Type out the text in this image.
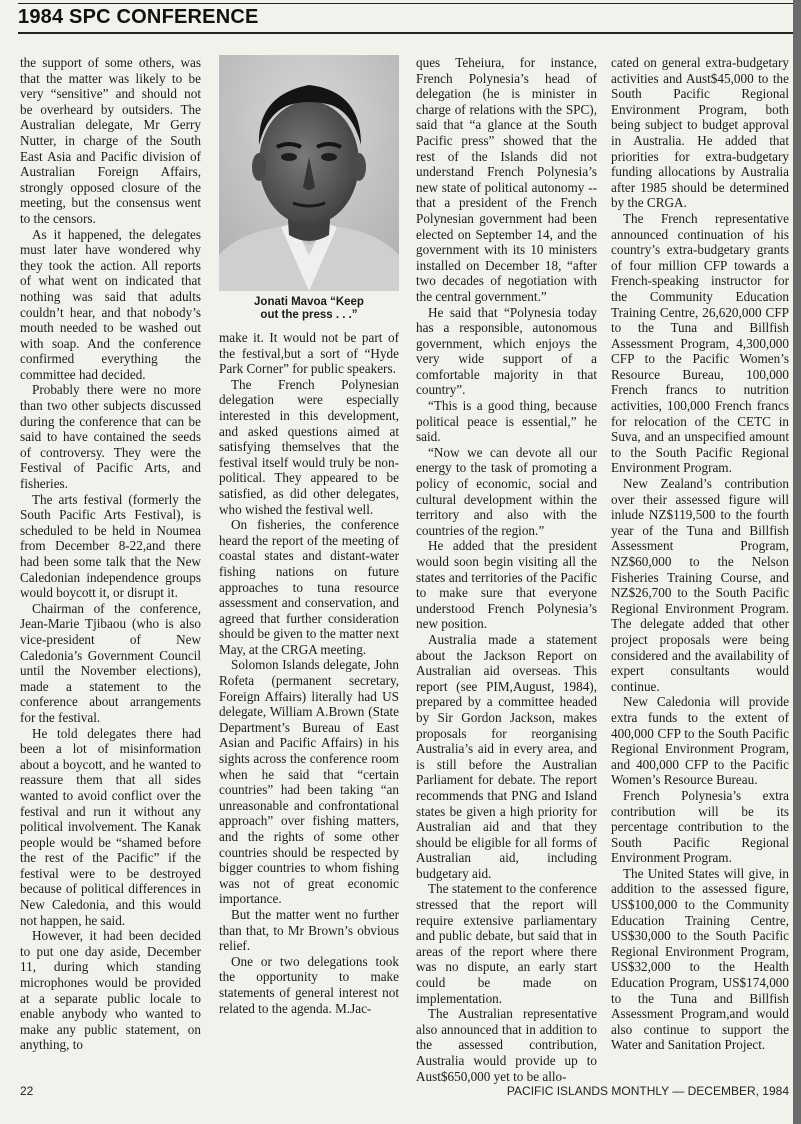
1984 SPC CONFERENCE

the support of some others, was that the matter was likely to be very “sensitive” and should not be overheard by outsiders. The Australian delegate, Mr Gerry Nutter, in charge of the South East Asia and Pacific division of Australian Foreign Affairs, strongly opposed closure of the meeting, but the consensus went to the censors.

As it happened, the delegates must later have wondered why they took the action. All reports of what went on indicated that nothing was said that adults couldn’t hear, and that nobody’s mouth needed to be washed out with soap. And the conference confirmed everything the committee had decided.

Probably there were no more than two other subjects discussed during the conference that can be said to have contained the seeds of controversy. They were the Festival of Pacific Arts, and fisheries.

The arts festival (formerly the South Pacific Arts Festival), is scheduled to be held in Noumea from December 8-22,and there had been some talk that the New Caledonian independence groups would boycott it, or disrupt it.

Chairman of the conference, Jean-Marie Tjibaou (who is also vice-president of New Caledonia’s Government Council until the November elections), made a statement to the conference about arrangements for the festival.

He told delegates there had been a lot of misinformation about a boycott, and he wanted to reassure them that all sides wanted to avoid conflict over the festival and run it without any political involvement. The Kanak people would be “shamed before the rest of the Pacific” if the festival were to be destroyed because of political differences in New Caledonia, and this would not happen, he said.

However, it had been decided to put one day aside, December 11, during which standing microphones would be provided at a separate public locale to enable anybody who wanted to make any public statement, on anything, to

Jonati Mavoa “Keep
out the press . . .”

make it. It would not be part of the festival,but a sort of “Hyde Park Corner” for public speakers.

The French Polynesian delegation were especially interested in this development, and asked questions aimed at satisfying themselves that the festival itself would truly be non-political. They appeared to be satisfied, as did other delegates, who wished the festival well.

On fisheries, the conference heard the report of the meeting of coastal states and distant-water fishing nations on future approaches to tuna resource assessment and conservation, and agreed that further consideration should be given to the matter next May, at the CRGA meeting.

Solomon Islands delegate, John Rofeta (permanent secretary, Foreign Affairs) literally had US delegate, William A.Brown (State Department’s Bureau of East Asian and Pacific Affairs) in his sights across the conference room when he said that “certain countries” had been taking “an unreasonable and confrontational approach” over fishing matters, and the rights of some other countries should be respected by bigger countries to whom fishing was not of great economic importance.

But the matter went no further than that, to Mr Brown’s obvious relief.

One or two delegations took the opportunity to make statements of general interest not related to the agenda. M.Jac-

ques Teheiura, for instance, French Polynesia’s head of delegation (he is minister in charge of relations with the SPC), said that “a glance at the South Pacific press” showed that the rest of the Islands did not understand French Polynesia’s new state of political autonomy -- that a president of the French Polynesian government had been elected on September 14, and the government with its 10 ministers installed on December 18, “after two decades of negotiation with the central government.”

He said that “Polynesia today has a responsible, autonomous government, which enjoys the very wide support of a comfortable majority in that country”.

“This is a good thing, because political peace is essential,” he said.

“Now we can devote all our energy to the task of promoting a policy of economic, social and cultural development within the territory and also with the countries of the region.”

He added that the president would soon begin visiting all the states and territories of the Pacific to make sure that everyone understood French Polynesia’s new position.

Australia made a statement about the Jackson Report on Australian aid overseas. This report (see PIM,August, 1984), prepared by a committee headed by Sir Gordon Jackson, makes proposals for reorganising Australia’s aid in every area, and is still before the Australian Parliament for debate. The report recommends that PNG and Island states be given a high priority for Australian aid and that they should be eligible for all forms of Australian aid, including budgetary aid.

The statement to the conference stressed that the report will require extensive parliamentary and public debate, but said that in areas of the report where there was no dispute, an early start could be made on implementation.

The Australian representative also announced that in addition to the assessed contribution, Australia would provide up to Aust$650,000 yet to be allo-

cated on general extra-budgetary activities and Aust$45,000 to the South Pacific Regional Environment Program, both being subject to budget approval in Australia. He added that priorities for extra-budgetary funding allocations by Australia after 1985 should be determined by the CRGA.

The French representative announced continuation of his country’s extra-budgetary grants of four million CFP towards a French-speaking instructor for the Community Education Training Centre, 26,620,000 CFP to the Tuna and Billfish Assessment Program, 4,300,000 CFP to the Pacific Women’s Resource Bureau, 100,000 French francs to nutrition activities, 100,000 French francs for relocation of the CETC in Suva, and an unspecified amount to the South Pacific Regional Environment Program.

New Zealand’s contribution over their assessed figure will inlude NZ$119,500 to the fourth year of the Tuna and Billfish Assessment Program, NZ$60,000 to the Nelson Fisheries Training Course, and NZ$26,700 to the South Pacific Regional Environment Program. The delegate added that other project proposals were being considered and the availability of expert consultants would continue.

New Caledonia will provide extra funds to the extent of 400,000 CFP to the South Pacific Regional Environment Program, and 400,000 CFP to the Pacific Women’s Resource Bureau.

French Polynesia’s extra contribution will be its percentage contribution to the South Pacific Regional Environment Program.

The United States will give, in addition to the assessed figure, US$100,000 to the Community Education Training Centre, US$30,000 to the South Pacific Regional Environment Program, US$32,000 to the Health Education Program, US$174,000 to the Tuna and Billfish Assessment Program,and would also continue to support the Water and Sanitation Project.

22	PACIFIC ISLANDS MONTHLY — DECEMBER, 1984
